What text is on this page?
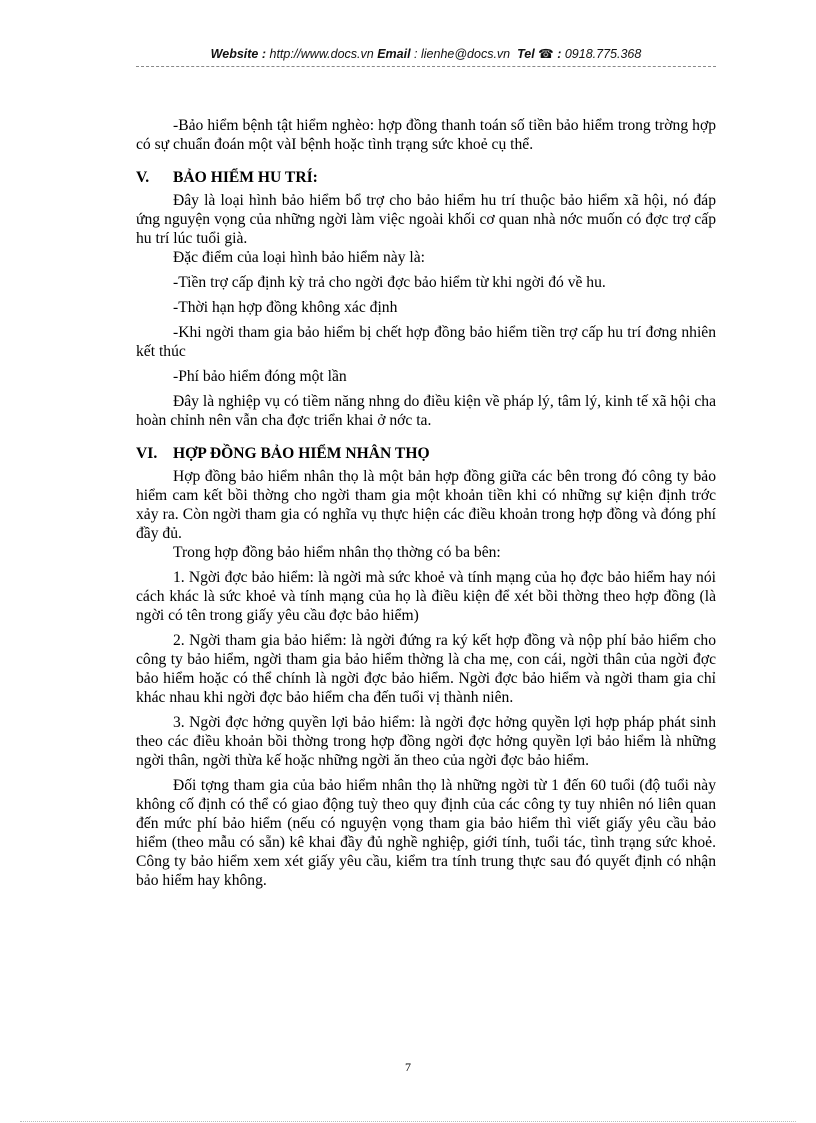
Website : http://www.docs.vn Email : lienhe@docs.vn Tel ☎ : 0918.775.368

-Bảo hiểm bệnh tật hiểm nghèo: hợp đồng thanh toán số tiền bảo hiểm trong trờng hợp có sự chuẩn đoán một vàI bệnh hoặc tình trạng sức khoẻ cụ thể.

V.	BẢO HIỂM HU TRÍ:

Đây là loại hình bảo hiểm bổ trợ cho bảo hiểm hu trí thuộc bảo hiểm xã hội, nó đáp ứng nguyện vọng của những ngời làm việc ngoài khối cơ quan nhà nớc muốn có đợc trợ cấp hu trí lúc tuổi già.

Đặc điểm của loại hình bảo hiểm này là:

-Tiền trợ cấp định kỳ trả cho ngời đợc bảo hiểm từ khi ngời đó về hu.

-Thời hạn hợp đồng không xác định

-Khi ngời tham gia bảo hiểm bị chết hợp đồng bảo hiểm tiền trợ cấp hu trí đơng nhiên kết thúc

-Phí bảo hiểm đóng một lần

Đây là nghiệp vụ có tiềm năng nhng do điều kiện về pháp lý, tâm lý, kinh tế xã hội cha hoàn chỉnh nên vẫn cha đợc triển khai ở nớc ta.

VI.	HỢP ĐỒNG BẢO HIỂM NHÂN THỌ

Hợp đồng bảo hiểm nhân thọ là một bản hợp đồng giữa các bên trong đó công ty bảo hiểm cam kết bồi thờng cho ngời tham gia một khoản tiền khi có những sự kiện định trớc xảy ra. Còn ngời tham gia có nghĩa vụ thực hiện các điều khoản trong hợp đồng và đóng phí đầy đủ.

Trong hợp đồng bảo hiểm nhân thọ thờng có ba bên:

1. Ngời đợc bảo hiểm: là ngời mà sức khoẻ và tính mạng của họ đợc bảo hiểm hay nói cách khác là sức khoẻ và tính mạng của họ là điều kiện để xét bồi thờng theo hợp đồng (là ngời có tên trong giấy yêu cầu đợc bảo hiểm)

2. Ngời tham gia bảo hiểm: là ngời đứng ra ký kết hợp đồng và nộp phí bảo hiểm cho công ty bảo hiểm, ngời tham gia bảo hiểm thờng là cha mẹ, con cái, ngời thân của ngời đợc bảo hiểm hoặc có thể chính là ngời đợc bảo hiểm. Ngời đợc bảo hiểm và ngời tham gia chỉ khác nhau khi ngời đợc bảo hiểm cha đến tuổi vị thành niên.

3. Ngời đợc hởng quyền lợi bảo hiểm: là ngời đợc hởng quyền lợi hợp pháp phát sinh theo các điều khoản bồi thờng trong hợp đồng ngời đợc hởng quyền lợi bảo hiểm là những ngời thân, ngời thừa kế hoặc những ngời ăn theo của ngời đợc bảo hiểm.

Đối tợng tham gia của bảo hiểm nhân thọ là những ngời từ 1 đến 60 tuổi (độ tuổi này không cố định có thể có giao động tuỳ theo quy định của các công ty tuy nhiên nó liên quan đến mức phí bảo hiểm (nếu có nguyện vọng tham gia bảo hiểm thì viết giấy yêu cầu bảo hiểm (theo mẫu có sẵn) kê khai đầy đủ nghề nghiệp, giới tính, tuổi tác, tình trạng sức khoẻ. Công ty bảo hiểm xem xét giấy yêu cầu, kiểm tra tính trung thực sau đó quyết định có nhận bảo hiểm hay không.

7
